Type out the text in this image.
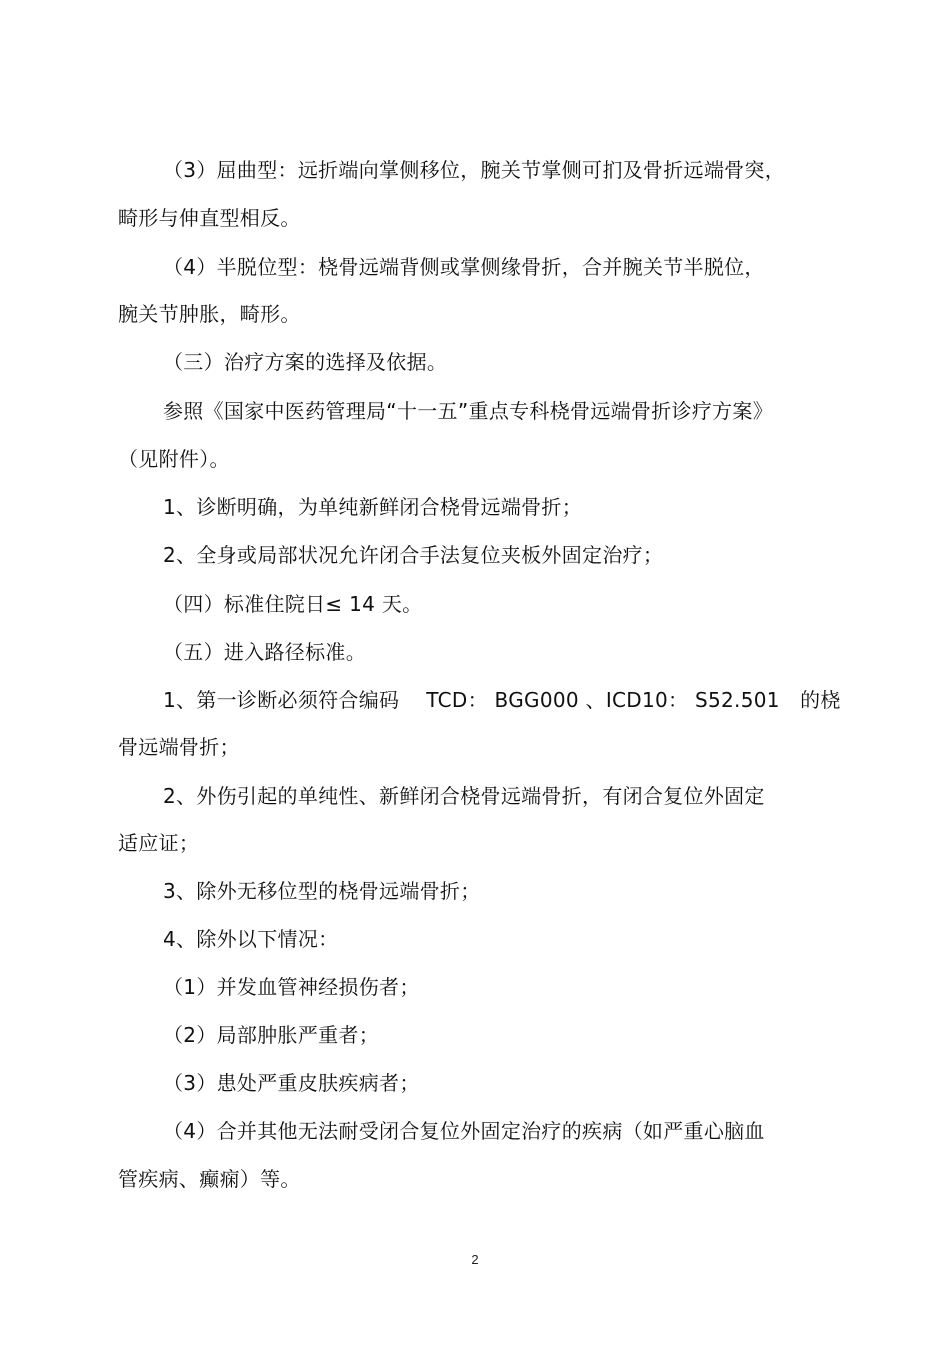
（3）屈曲型：远折端向掌侧移位，腕关节掌侧可扪及骨折远端骨突，
畸形与伸直型相反。
（4）半脱位型：桡骨远端背侧或掌侧缘骨折，合并腕关节半脱位，
腕关节肿胀，畸形。
（三）治疗方案的选择及依据。
参照《国家中医药管理局“十一五”重点专科桡骨远端骨折诊疗方案》
（见附件）。
1、诊断明确，为单纯新鲜闭合桡骨远端骨折；
2、全身或局部状况允许闭合手法复位夹板外固定治疗；
（四）标准住院日≤ 14 天。
（五）进入路径标准。
1、第一诊断必须符合编码　 TCD： BGG000 、ICD10： S52.501　的桡
骨远端骨折；
2、外伤引起的单纯性、新鲜闭合桡骨远端骨折，有闭合复位外固定
适应证；
3、除外无移位型的桡骨远端骨折；
4、除外以下情况：
（1）并发血管神经损伤者；
（2）局部肿胀严重者；
（3）患处严重皮肤疾病者；
（4）合并其他无法耐受闭合复位外固定治疗的疾病（如严重心脑血
管疾病、癫痫）等。
2
